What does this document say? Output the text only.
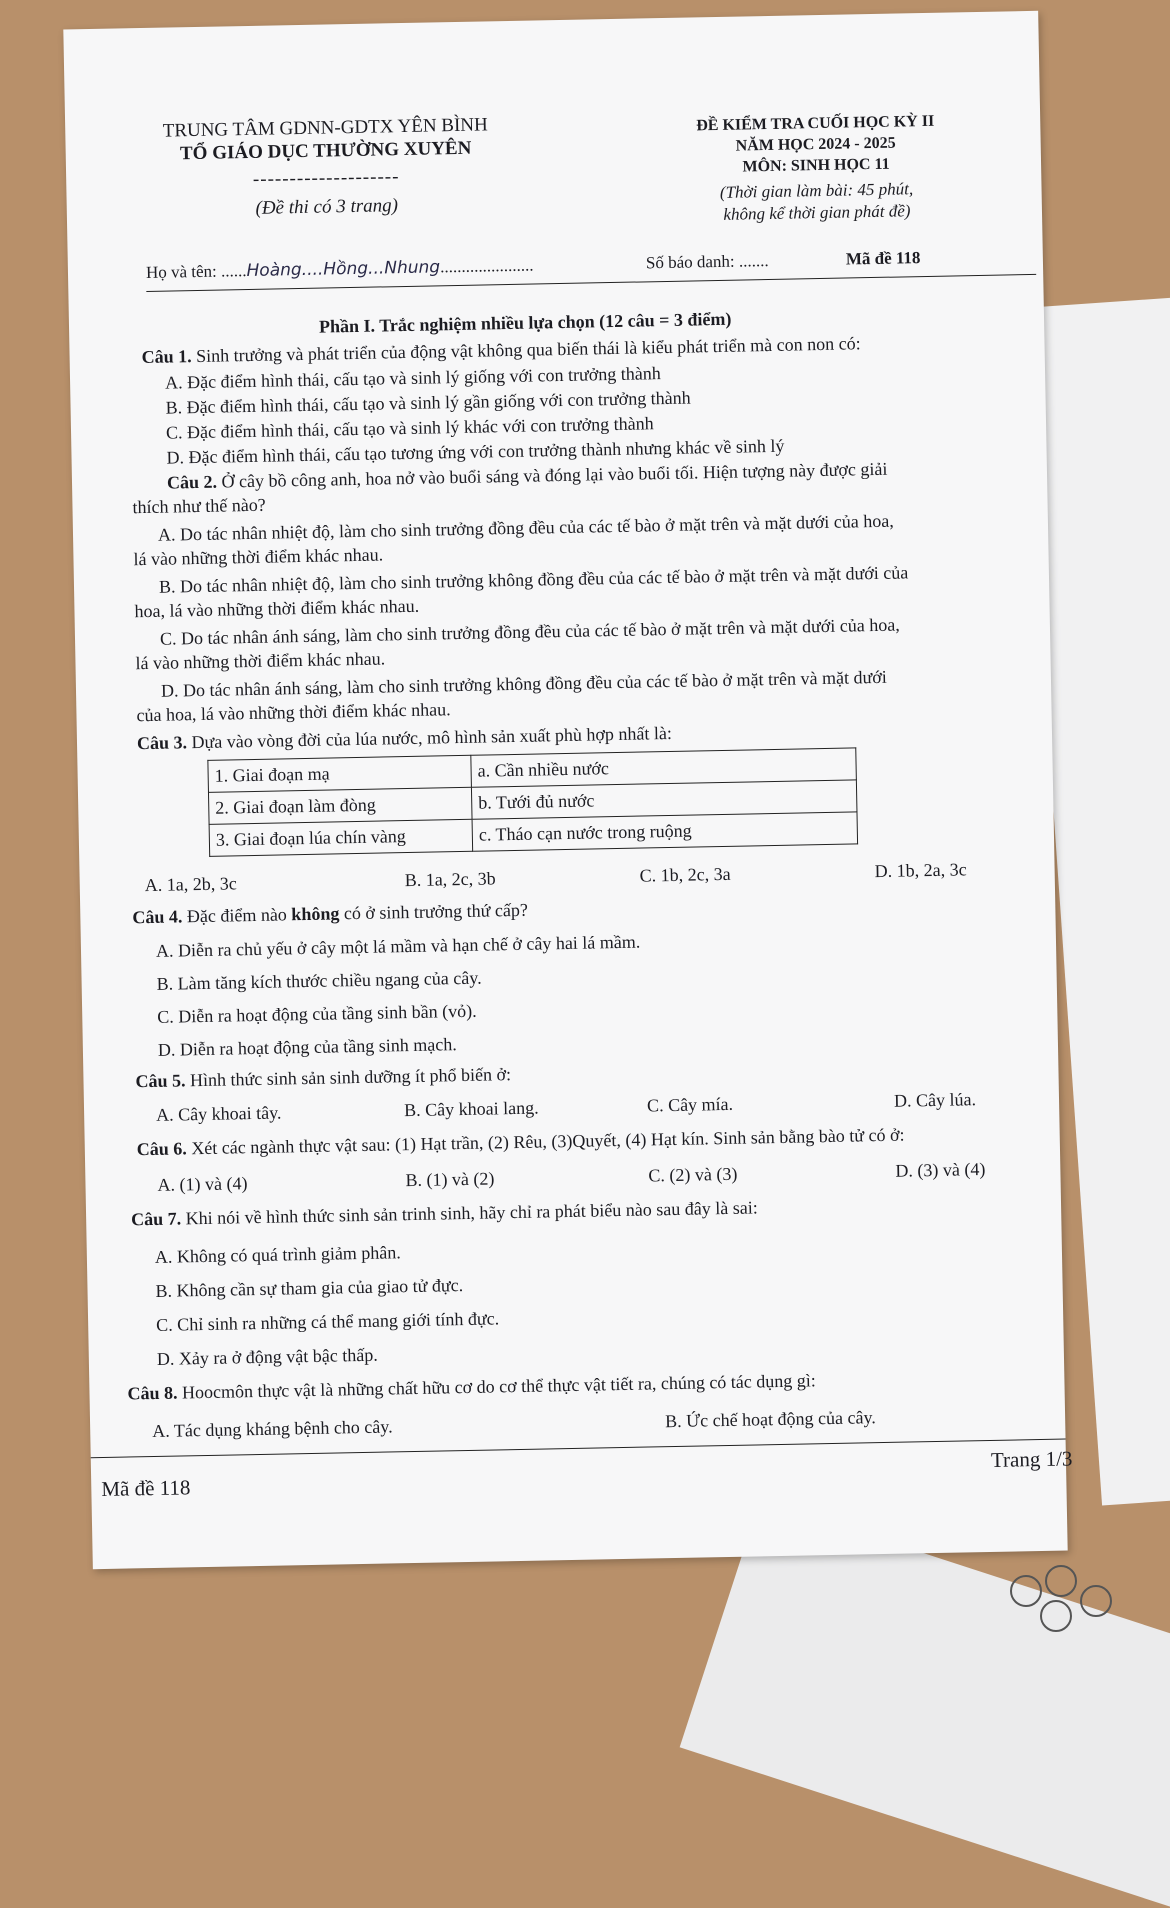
TRUNG TÂM GDNN-GDTX YÊN BÌNH
TỔ GIÁO DỤC THƯỜNG XUYÊN
--------------------
(Đề thi có 3 trang)
ĐỀ KIỂM TRA CUỐI HỌC KỲ II
NĂM HỌC 2024 - 2025
MÔN: SINH HỌC 11
(Thời gian làm bài: 45 phút,
không kể thời gian phát đề)
Họ và tên: ......Hoàng....Hồng...Nhung......................	Số báo danh: .......	Mã đề 118
Phần I. Trắc nghiệm nhiều lựa chọn (12 câu = 3 điểm)
Câu 1. Sinh trưởng và phát triển của động vật không qua biến thái là kiểu phát triển mà con non có:
A. Đặc điểm hình thái, cấu tạo và sinh lý giống với con trưởng thành
B. Đặc điểm hình thái, cấu tạo và sinh lý gần giống với con trưởng thành
C. Đặc điểm hình thái, cấu tạo và sinh lý khác với con trưởng thành
D. Đặc điểm hình thái, cấu tạo tương ứng với con trưởng thành nhưng khác về sinh lý
Câu 2. Ở cây bồ công anh, hoa nở vào buổi sáng và đóng lại vào buổi tối. Hiện tượng này được giải
thích như thế nào?
A. Do tác nhân nhiệt độ, làm cho sinh trưởng đồng đều của các tế bào ở mặt trên và mặt dưới của hoa,
lá vào những thời điểm khác nhau.
B. Do tác nhân nhiệt độ, làm cho sinh trưởng không đồng đều của các tế bào ở mặt trên và mặt dưới của
hoa, lá vào những thời điểm khác nhau.
C. Do tác nhân ánh sáng, làm cho sinh trưởng đồng đều của các tế bào ở mặt trên và mặt dưới của hoa,
lá vào những thời điểm khác nhau.
D. Do tác nhân ánh sáng, làm cho sinh trưởng không đồng đều của các tế bào ở mặt trên và mặt dưới
của hoa, lá vào những thời điểm khác nhau.
Câu 3. Dựa vào vòng đời của lúa nước, mô hình sản xuất phù hợp nhất là:
1. Giai đoạn mạ	a. Cần nhiều nước
2. Giai đoạn làm đòng	b. Tưới đủ nước
3. Giai đoạn lúa chín vàng	c. Tháo cạn nước trong ruộng
A. 1a, 2b, 3c	B. 1a, 2c, 3b	C. 1b, 2c, 3a	D. 1b, 2a, 3c
Câu 4. Đặc điểm nào không có ở sinh trưởng thứ cấp?
A. Diễn ra chủ yếu ở cây một lá mầm và hạn chế ở cây hai lá mầm.
B. Làm tăng kích thước chiều ngang của cây.
C. Diễn ra hoạt động của tầng sinh bần (vỏ).
D. Diễn ra hoạt động của tầng sinh mạch.
Câu 5. Hình thức sinh sản sinh dưỡng ít phổ biến ở:
A. Cây khoai tây.	B. Cây khoai lang.	C. Cây mía.	D. Cây lúa.
Câu 6. Xét các ngành thực vật sau: (1) Hạt trần, (2) Rêu, (3)Quyết, (4) Hạt kín. Sinh sản bằng bào tử có ở:
A. (1) và (4)	B. (1) và (2)	C. (2) và (3)	D. (3) và (4)
Câu 7. Khi nói về hình thức sinh sản trinh sinh, hãy chỉ ra phát biểu nào sau đây là sai:
A. Không có quá trình giảm phân.
B. Không cần sự tham gia của giao tử đực.
C. Chỉ sinh ra những cá thể mang giới tính đực.
D. Xảy ra ở động vật bậc thấp.
Câu 8. Hoocmôn thực vật là những chất hữu cơ do cơ thể thực vật tiết ra, chúng có tác dụng gì:
A. Tác dụng kháng bệnh cho cây.	B. Ức chế hoạt động của cây.
Mã đề 118
Trang 1/3
